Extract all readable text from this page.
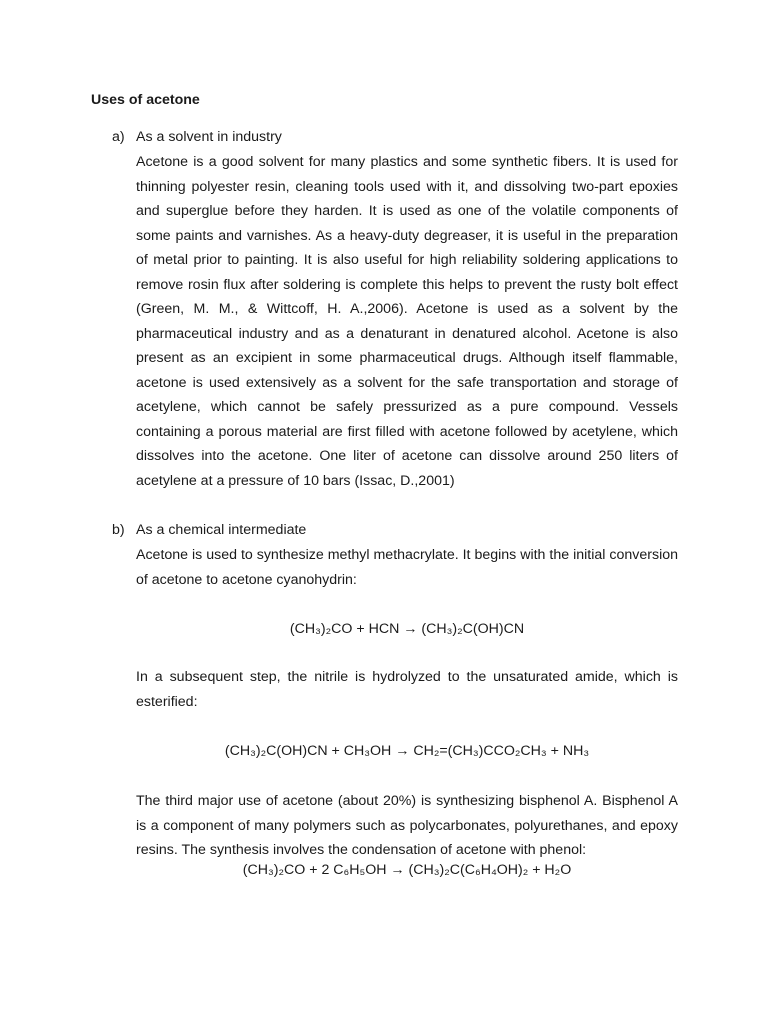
Uses of acetone
a) As a solvent in industry
Acetone is a good solvent for many plastics and some synthetic fibers. It is used for thinning polyester resin, cleaning tools used with it, and dissolving two-part epoxies and superglue before they harden. It is used as one of the volatile components of some paints and varnishes. As a heavy-duty degreaser, it is useful in the preparation of metal prior to painting. It is also useful for high reliability soldering applications to remove rosin flux after soldering is complete this helps to prevent the rusty bolt effect (Green, M. M., & Wittcoff, H. A.,2006). Acetone is used as a solvent by the pharmaceutical industry and as a denaturant in denatured alcohol. Acetone is also present as an excipient in some pharmaceutical drugs. Although itself flammable, acetone is used extensively as a solvent for the safe transportation and storage of acetylene, which cannot be safely pressurized as a pure compound. Vessels containing a porous material are first filled with acetone followed by acetylene, which dissolves into the acetone. One liter of acetone can dissolve around 250 liters of acetylene at a pressure of 10 bars (Issac, D.,2001)
b) As a chemical intermediate
Acetone is used to synthesize methyl methacrylate. It begins with the initial conversion of acetone to acetone cyanohydrin:
(CH₃)₂CO + HCN → (CH₃)₂C(OH)CN
In a subsequent step, the nitrile is hydrolyzed to the unsaturated amide, which is esterified:
(CH₃)₂C(OH)CN + CH₃OH → CH₂=(CH₃)CCO₂CH₃ + NH₃
The third major use of acetone (about 20%) is synthesizing bisphenol A. Bisphenol A is a component of many polymers such as polycarbonates, polyurethanes, and epoxy resins. The synthesis involves the condensation of acetone with phenol:
(CH₃)₂CO + 2 C₆H₅OH → (CH₃)₂C(C₆H₄OH)₂ + H₂O
